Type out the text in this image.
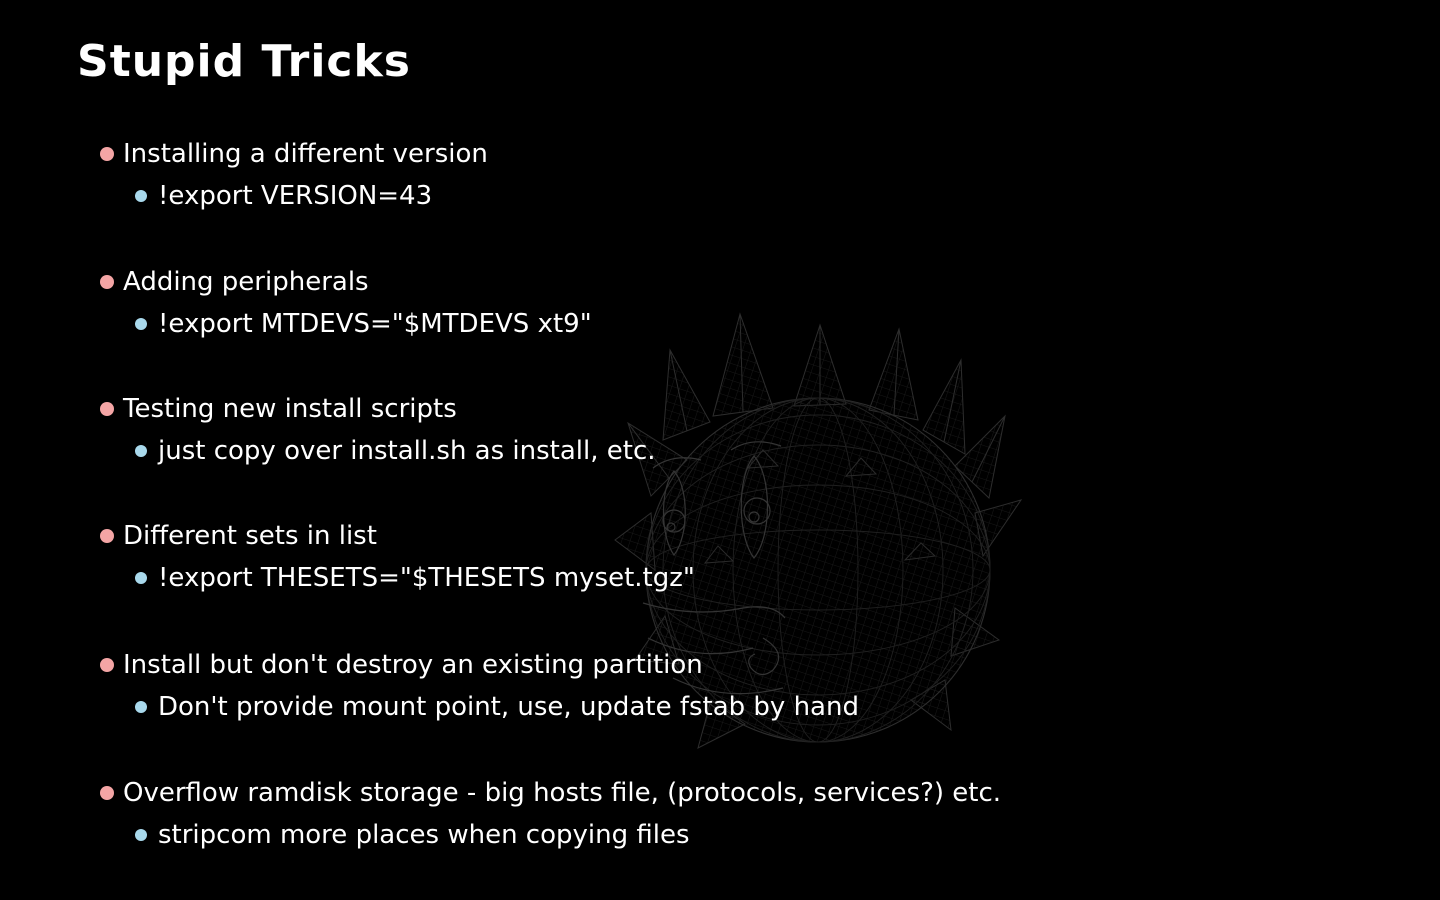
Stupid Tricks
Installing a different version
!export VERSION=43
Adding peripherals
!export MTDEVS="$MTDEVS xt9"
Testing new install scripts
just copy over install.sh as install, etc.
Different sets in list
!export THESETS="$THESETS myset.tgz"
Install but don't destroy an existing partition
Don't provide mount point, use, update fstab by hand
Overflow ramdisk storage - big hosts file, (protocols, services?) etc.
stripcom more places when copying files
